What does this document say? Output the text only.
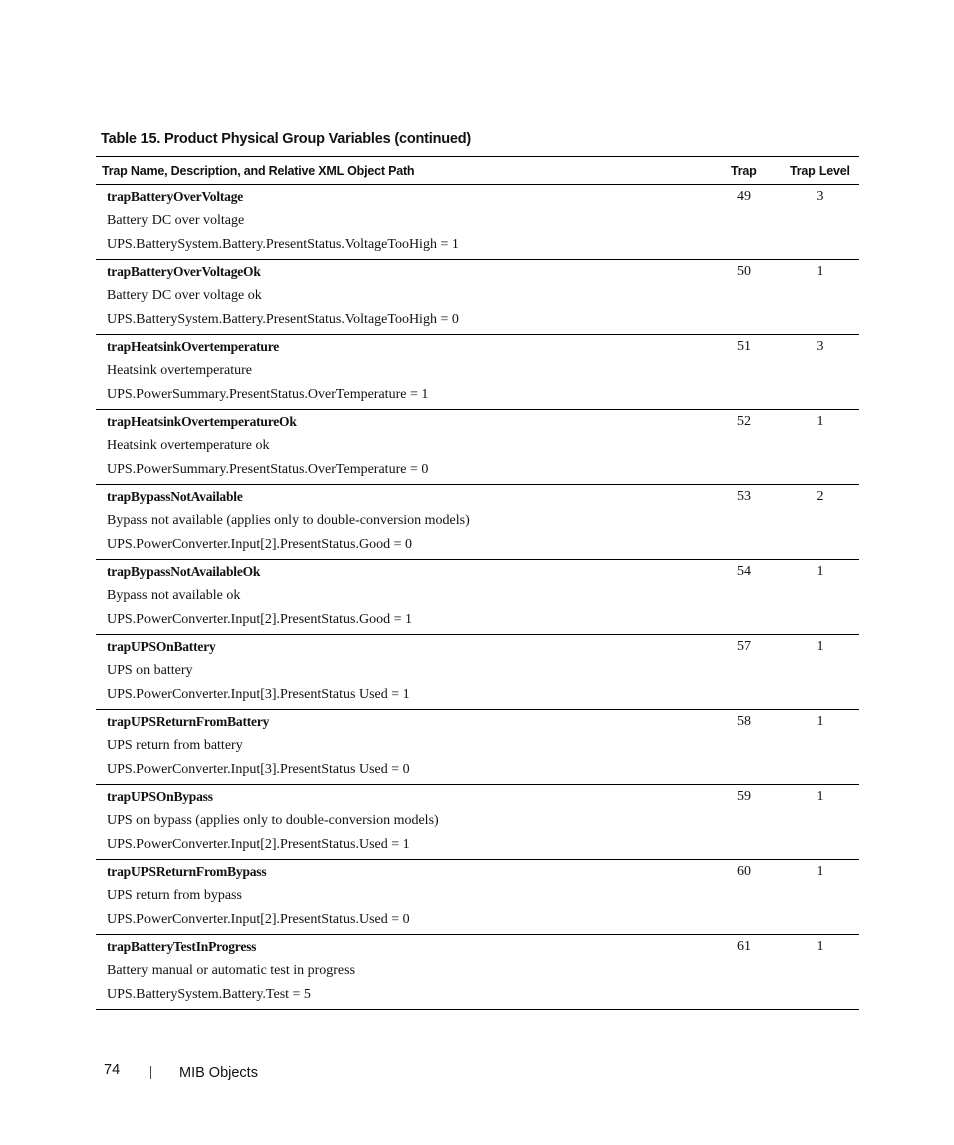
Table 15. Product Physical Group Variables (continued)
Trap Name, Description, and Relative XML Object Path	Trap	Trap Level
trapBatteryOverVoltage
Battery DC over voltage
UPS.BatterySystem.Battery.PresentStatus.VoltageTooHigh = 1
49	3
trapBatteryOverVoltageOk
Battery DC over voltage ok
UPS.BatterySystem.Battery.PresentStatus.VoltageTooHigh = 0
50	1
trapHeatsinkOvertemperature
Heatsink overtemperature
UPS.PowerSummary.PresentStatus.OverTemperature = 1
51	3
trapHeatsinkOvertemperatureOk
Heatsink overtemperature ok
UPS.PowerSummary.PresentStatus.OverTemperature = 0
52	1
trapBypassNotAvailable
Bypass not available (applies only to double-conversion models)
UPS.PowerConverter.Input[2].PresentStatus.Good = 0
53	2
trapBypassNotAvailableOk
Bypass not available ok
UPS.PowerConverter.Input[2].PresentStatus.Good = 1
54	1
trapUPSOnBattery
UPS on battery
UPS.PowerConverter.Input[3].PresentStatus Used = 1
57	1
trapUPSReturnFromBattery
UPS return from battery
UPS.PowerConverter.Input[3].PresentStatus Used = 0
58	1
trapUPSOnBypass
UPS on bypass (applies only to double-conversion models)
UPS.PowerConverter.Input[2].PresentStatus.Used = 1
59	1
trapUPSReturnFromBypass
UPS return from bypass
UPS.PowerConverter.Input[2].PresentStatus.Used = 0
60	1
trapBatteryTestInProgress
Battery manual or automatic test in progress
UPS.BatterySystem.Battery.Test = 5
61	1
74	MIB Objects
